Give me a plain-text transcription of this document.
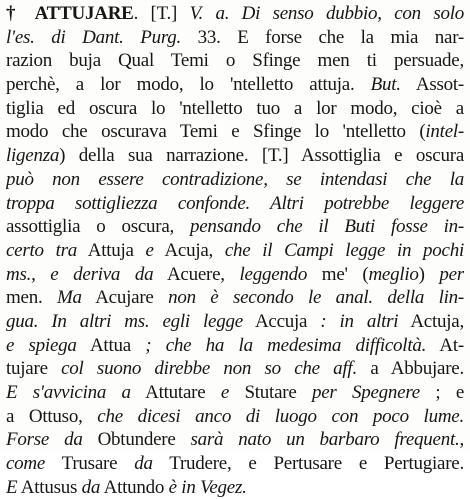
† ATTUJARE. [T.] V. a. Di senso dubbio, con solo
l'es. di Dant. Purg. 33. E forse che la mia nar-
razion buja Qual Temi o Sfinge men ti persuade,
perchè, a lor modo, lo 'ntelletto attuja. But. Assot-
tiglia ed oscura lo 'ntelletto tuo a lor modo, cioè a
modo che oscurava Temi e Sfinge lo 'ntelletto (intel-
ligenza) della sua narrazione. [T.] Assottiglia e oscura
può non essere contradizione, se intendasi che la
troppa sottigliezza confonde. Altri potrebbe leggere
assottiglia o oscura, pensando che il Buti fosse in-
certo tra Attuja e Acuja, che il Campi legge in pochi
ms., e deriva da Acuere, leggendo me' (meglio) per
men. Ma Acujare non è secondo le anal. della lin-
gua. In altri ms. egli legge Accuja : in altri Actuja,
e spiega Attua ; che ha la medesima difficoltà. At-
tujare col suono direbbe non so che aff. a Abbujare.
E s'avvicina a Attutare e Stutare per Spegnere ; e
a Ottuso, che dicesi anco di luogo con poco lume.
Forse da Obtundere sarà nato un barbaro frequent.,
come Trusare da Trudere, e Pertusare e Pertugiare.
E Attusus da Attundo è in Vegez.
